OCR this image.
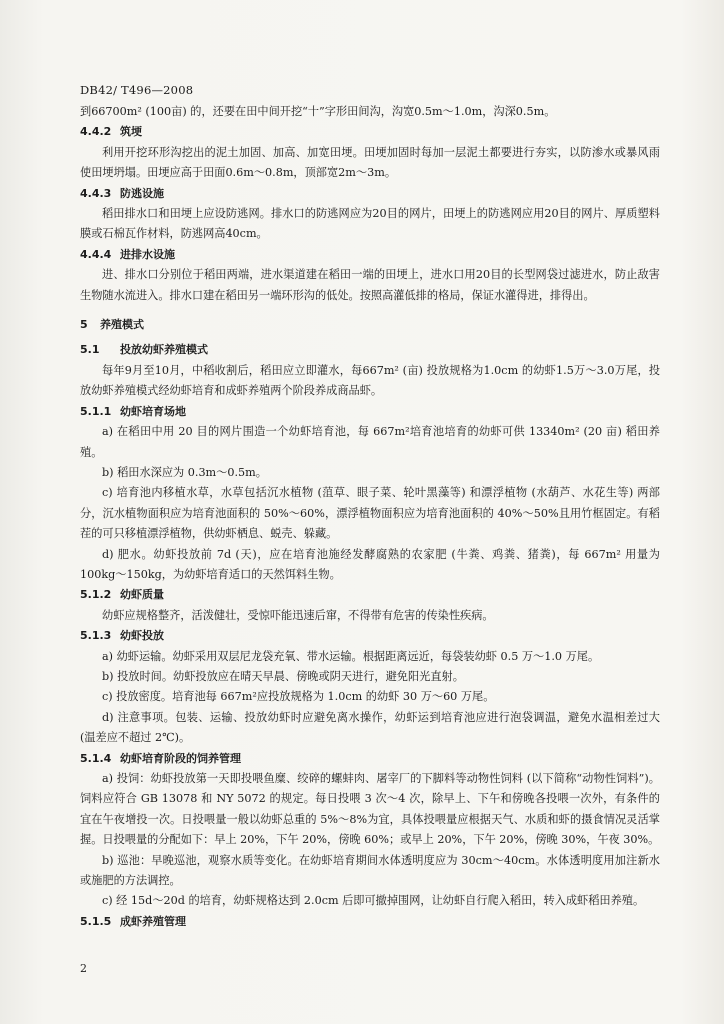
DB42/ T496—2008

到66700m² (100亩) 的，还要在田中间开挖“十”字形田间沟，沟宽0.5m～1.0m，沟深0.5m。

4.4.2 筑埂

利用开挖环形沟挖出的泥土加固、加高、加宽田埂。田埂加固时每加一层泥土都要进行夯实，以防渗水或暴风雨使田埂坍塌。田埂应高于田面0.6m～0.8m，顶部宽2m～3m。

4.4.3 防逃设施

稻田排水口和田埂上应设防逃网。排水口的防逃网应为20目的网片，田埂上的防逃网应用20目的网片、厚质塑料膜或石棉瓦作材料，防逃网高40cm。

4.4.4 进排水设施

进、排水口分别位于稻田两端，进水渠道建在稻田一端的田埂上，进水口用20目的长型网袋过滤进水，防止敌害生物随水流进入。排水口建在稻田另一端环形沟的低处。按照高灌低排的格局，保证水灌得进，排得出。

5 养殖模式

5.1 投放幼虾养殖模式

每年9月至10月，中稻收割后，稻田应立即灌水，每667m² (亩) 投放规格为1.0cm 的幼虾1.5万～3.0万尾，投放幼虾养殖模式经幼虾培育和成虾养殖两个阶段养成商品虾。

5.1.1 幼虾培育场地

a) 在稻田中用 20 目的网片围造一个幼虾培育池，每 667m²培育池培育的幼虾可供 13340m² (20 亩) 稻田养殖。

b) 稻田水深应为 0.3m～0.5m。

c) 培育池内移植水草，水草包括沉水植物 (菹草、眼子菜、轮叶黑藻等) 和漂浮植物 (水葫芦、水花生等) 两部分，沉水植物面积应为培育池面积的 50%～60%，漂浮植物面积应为培育池面积的 40%～50%且用竹框固定。有稻茬的可只移植漂浮植物，供幼虾栖息、蜕壳、躲藏。

d) 肥水。幼虾投放前 7d (天)，应在培育池施经发酵腐熟的农家肥 (牛粪、鸡粪、猪粪)，每 667m² 用量为 100kg～150kg，为幼虾培育适口的天然饵料生物。

5.1.2 幼虾质量

幼虾应规格整齐，活泼健壮，受惊吓能迅速后窜，不得带有危害的传染性疾病。

5.1.3 幼虾投放

a) 幼虾运输。幼虾采用双层尼龙袋充氧、带水运输。根据距离远近，每袋装幼虾 0.5 万～1.0 万尾。

b) 投放时间。幼虾投放应在晴天早晨、傍晚或阴天进行，避免阳光直射。

c) 投放密度。培育池每 667m²应投放规格为 1.0cm 的幼虾 30 万～60 万尾。

d) 注意事项。包装、运输、投放幼虾时应避免离水操作，幼虾运到培育池应进行泡袋调温，避免水温相差过大 (温差应不超过 2℃)。

5.1.4 幼虾培育阶段的饲养管理

a) 投饲：幼虾投放第一天即投喂鱼糜、绞碎的螺蚌肉、屠宰厂的下脚料等动物性饲料 (以下简称“动物性饲料”)。饲料应符合 GB 13078 和 NY 5072 的规定。每日投喂 3 次～4 次，除早上、下午和傍晚各投喂一次外，有条件的宜在午夜增投一次。日投喂量一般以幼虾总重的 5%～8%为宜，具体投喂量应根据天气、水质和虾的摄食情况灵活掌握。日投喂量的分配如下：早上 20%，下午 20%，傍晚 60%；或早上 20%，下午 20%，傍晚 30%，午夜 30%。

b) 巡池：早晚巡池，观察水质等变化。在幼虾培育期间水体透明度应为 30cm～40cm。水体透明度用加注新水或施肥的方法调控。

c) 经 15d～20d 的培育，幼虾规格达到 2.0cm 后即可撤掉围网，让幼虾自行爬入稻田，转入成虾稻田养殖。

5.1.5 成虾养殖管理

2
